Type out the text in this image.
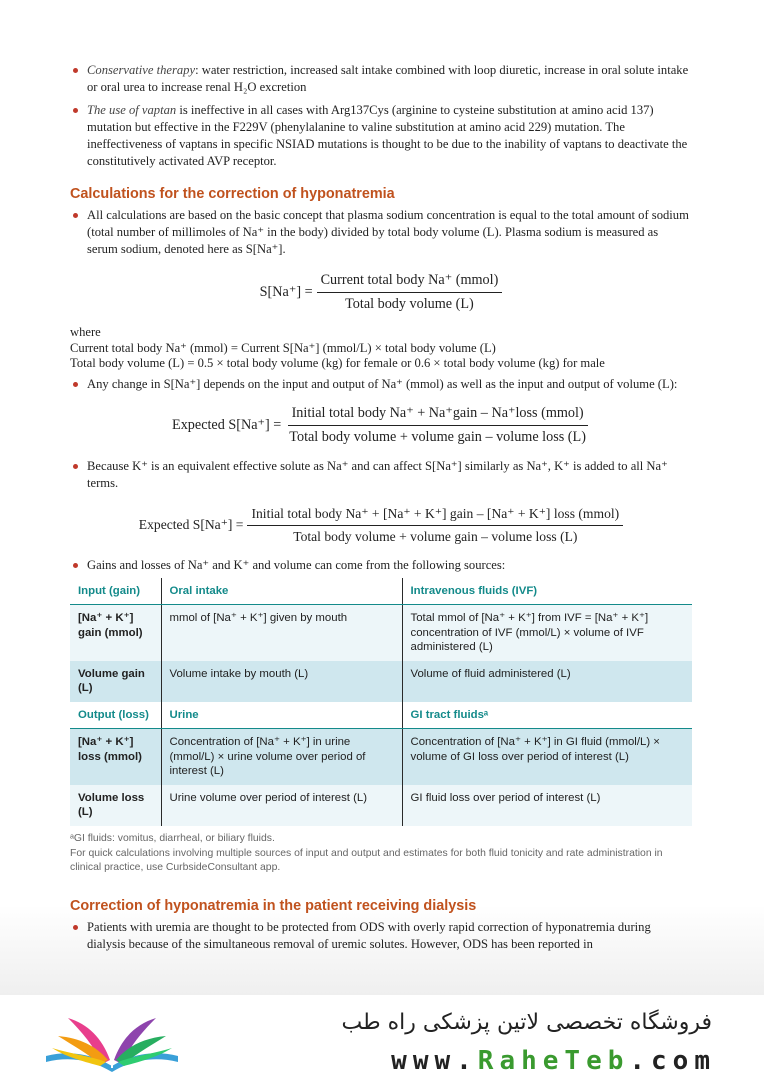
Conservative therapy: water restriction, increased salt intake combined with loop diuretic, increase in oral solute intake or oral urea to increase renal H₂O excretion
The use of vaptan is ineffective in all cases with Arg137Cys (arginine to cysteine substitution at amino acid 137) mutation but effective in the F229V (phenylalanine to valine substitution at amino acid 229) mutation. The ineffectiveness of vaptans in specific NSIAD mutations is thought to be due to the inability of vaptans to deactivate the constitutively activated AVP receptor.
Calculations for the correction of hyponatremia
All calculations are based on the basic concept that plasma sodium concentration is equal to the total amount of sodium (total number of millimoles of Na⁺ in the body) divided by total body volume (L). Plasma sodium is measured as serum sodium, denoted here as S[Na⁺].
$S[Na^+] = \frac{\text{Current total body Na⁺ (mmol)}}{\text{Total body volume (L)}}$
where
Current total body Na⁺ (mmol) = Current S[Na⁺] (mmol/L) × total body volume (L)
Total body volume (L) = 0.5 × total body volume (kg) for female or 0.6 × total body volume (kg) for male
Any change in S[Na⁺] depends on the input and output of Na⁺ (mmol) as well as the input and output of volume (L):
Expected $S[Na^+] = \frac{\text{Initial total body Na⁺ + Na⁺gain – Na⁺loss (mmol)}}{\text{Total body volume + volume gain – volume loss (L)}}$
Because K⁺ is an equivalent effective solute as Na⁺ and can affect S[Na⁺] similarly as Na⁺, K⁺ is added to all Na⁺ terms.
Expected S[Na⁺] =
Initial total body Na⁺ + [Na⁺ + K⁺] gain – [Na⁺ + K⁺] loss (mmol)
Total body volume + volume gain – volume loss (L)
Gains and losses of Na⁺ and K⁺ and volume can come from the following sources:
Input (gain)	Oral intake	Intravenous fluids (IVF)
[Na⁺ + K⁺] gain (mmol)	mmol of [Na⁺ + K⁺] given by mouth	Total mmol of [Na⁺ + K⁺] from IVF = [Na⁺ + K⁺] concentration of IVF (mmol/L) × volume of IVF administered (L)
Volume gain (L)	Volume intake by mouth (L)	Volume of fluid administered (L)
Output (loss)	Urine	GI tract fluidsᵃ
[Na⁺ + K⁺] loss (mmol)	Concentration of [Na⁺ + K⁺] in urine (mmol/L) × urine volume over period of interest (L)	Concentration of [Na⁺ + K⁺] in GI fluid (mmol/L) × volume of GI loss over period of interest (L)
Volume loss (L)	Urine volume over period of interest (L)	GI fluid loss over period of interest (L)
ᵃGI fluids: vomitus, diarrheal, or biliary fluids.
For quick calculations involving multiple sources of input and output and estimates for both fluid tonicity and rate administration in clinical practice, use CurbsideConsultant app.
Correction of hyponatremia in the patient receiving dialysis
Patients with uremia are thought to be protected from ODS with overly rapid correction of hyponatremia during dialysis because of the simultaneous removal of uremic solutes. However, ODS has been reported in
فروشگاه تخصصی لاتین پزشکی راه طب
www.RaheTeb.com
